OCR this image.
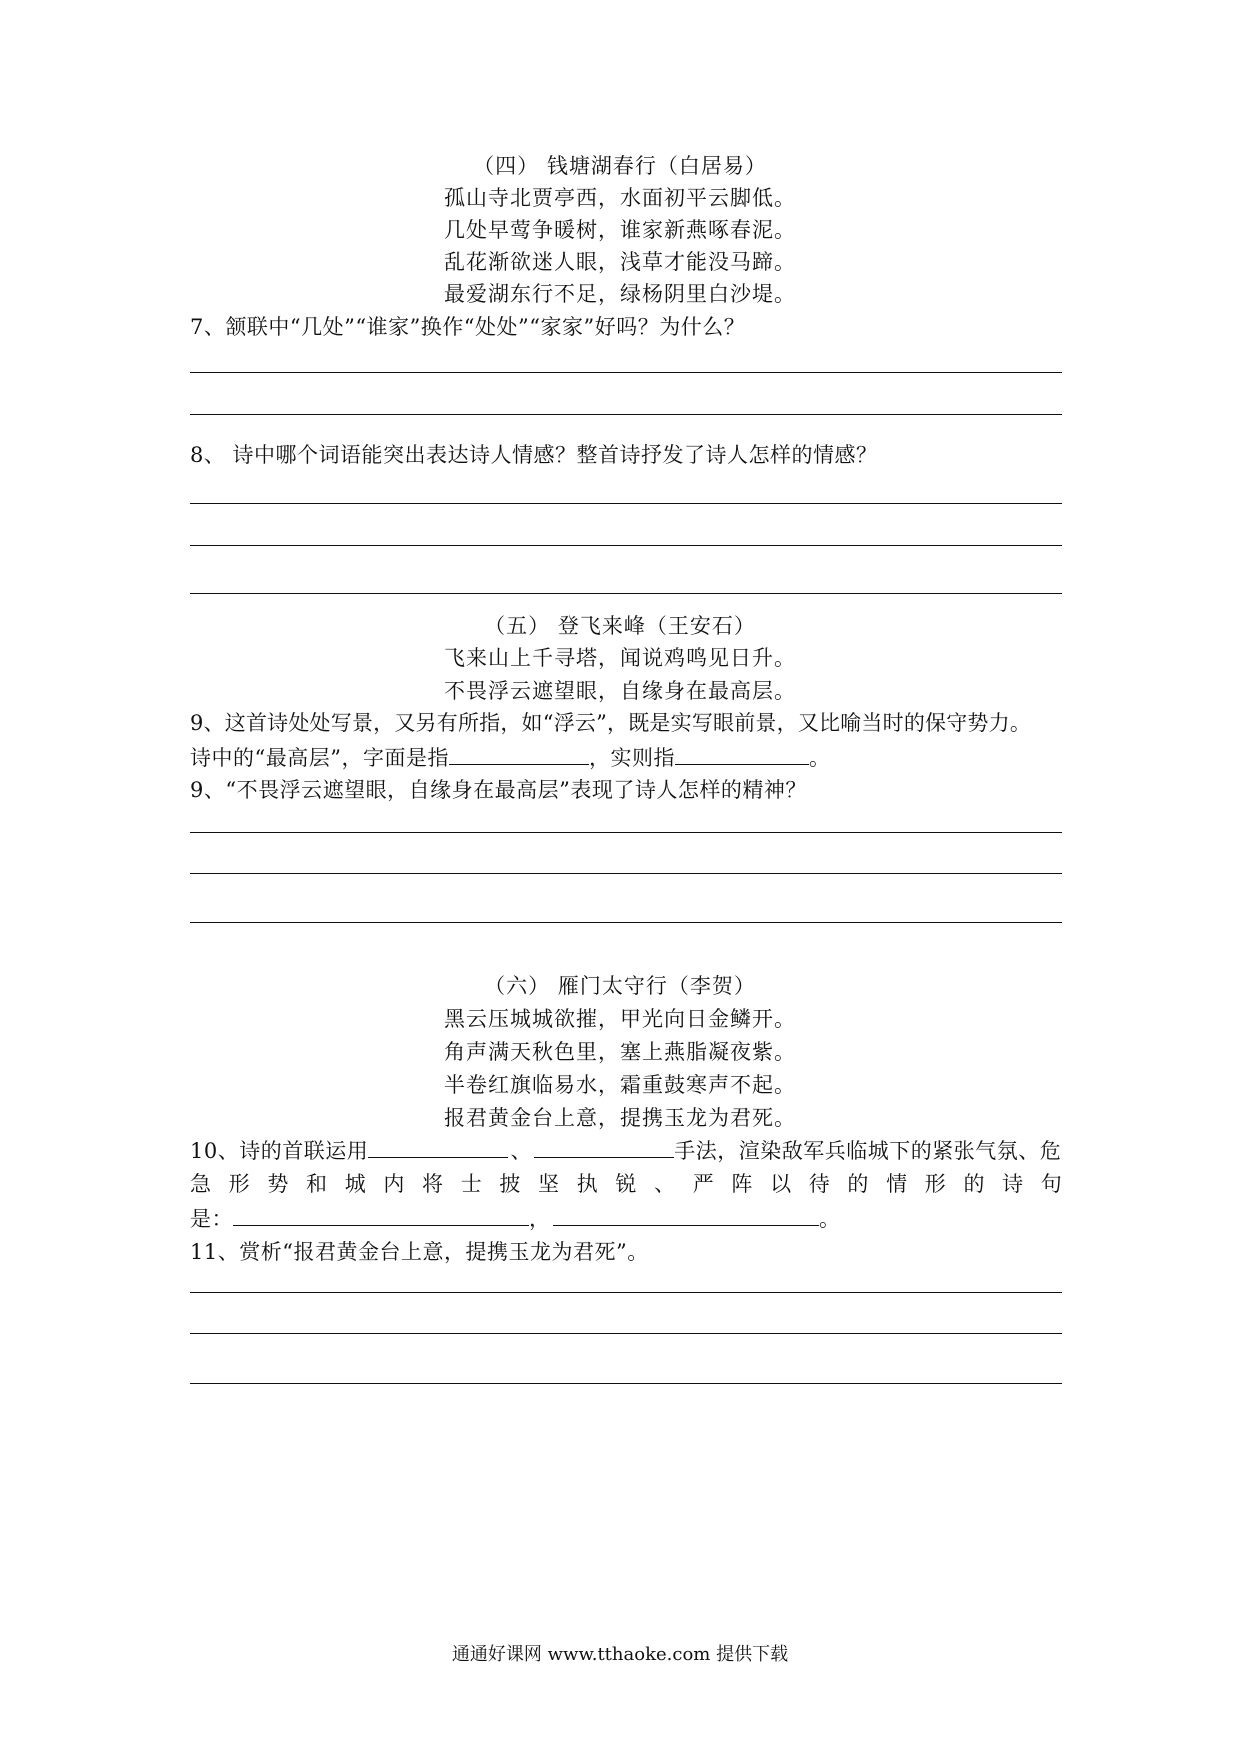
（四） 钱塘湖春行（白居易）
孤山寺北贾亭西，水面初平云脚低。
几处早莺争暖树，谁家新燕啄春泥。
乱花渐欲迷人眼，浅草才能没马蹄。
最爱湖东行不足，绿杨阴里白沙堤。
7、颔联中“几处”“谁家”换作“处处”“家家”好吗？为什么？
8、 诗中哪个词语能突出表达诗人情感？整首诗抒发了诗人怎样的情感？
（五） 登飞来峰（王安石）
飞来山上千寻塔，闻说鸡鸣见日升。
不畏浮云遮望眼，自缘身在最高层。
9、这首诗处处写景，又另有所指，如“浮云”，既是实写眼前景，又比喻当时的保守势力。
诗中的“最高层”，字面是指	，实则指	。
9、“不畏浮云遮望眼，自缘身在最高层”表现了诗人怎样的精神？
（六） 雁门太守行（李贺）
黑云压城城欲摧，甲光向日金鳞开。
角声满天秋色里，塞上燕脂凝夜紫。
半卷红旗临易水，霜重鼓寒声不起。
报君黄金台上意，提携玉龙为君死。
10、诗的首联运用	、	手法，渲染敌军兵临城下的紧张气氛、危
急 形 势 和 城 内 将 士 披 坚 执 锐 、 严 阵 以 待 的 情 形 的 诗 句
是：	，	。
11、赏析“报君黄金台上意，提携玉龙为君死”。
通通好课网 www.tthaoke.com 提供下载
